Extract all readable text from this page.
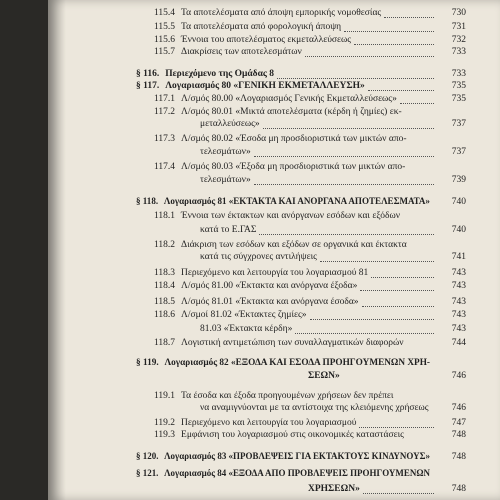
115.4 Τα αποτελέσματα από άποψη εμπορικής νομοθεσίας	730
115.5 Τα αποτελέσματα από φορολογική άποψη	731
115.6 Έννοια του αποτελέσματος εκμεταλλεύσεως	732
115.7 Διακρίσεις των αποτελεσμάτων	733
§ 116. Περιεχόμενο της Ομάδας 8	733
§ 117. Λογαριασμός 80 «ΓΕΝΙΚΗ ΕΚΜΕΤΑΛΛΕΥΣΗ»	735
117.1 Λ/σμός 80.00 «Λογαριασμός Γενικής Εκμεταλλεύσεως»	735
117.2 Λ/σμός 80.01 «Μικτά αποτελέσματα (κέρδη ή ζημίες) εκ-
μεταλλεύσεως»	737
117.3 Λ/σμός 80.02 «Έσοδα μη προσδιοριστικά των μικτών απο-
τελεσμάτων»	737
117.4 Λ/σμός 80.03 «Έξοδα μη προσδιοριστικά των μικτών απο-
τελεσμάτων»	739
§ 118. Λογαριασμός 81 «ΕΚΤΑΚΤΑ ΚΑΙ ΑΝΟΡΓΑΝΑ ΑΠΟΤΕΛΕΣΜΑΤΑ»	740
118.1 Έννοια των έκτακτων και ανόργανων εσόδων και εξόδων
κατά το Ε.ΓΑΣ	740
118.2 Διάκριση των εσόδων και εξόδων σε οργανικά και έκτακτα
κατά τις σύγχρονες αντιλήψεις	741
118.3 Περιεχόμενο και λειτουργία του λογαριασμού 81	743
118.4 Λ/σμός 81.00 «Έκτακτα και ανόργανα έξοδα»	743
118.5 Λ/σμός 81.01 «Έκτακτα και ανόργανα έσοδα»	743
118.6 Λ/σμοί 81.02 «Έκτακτες ζημίες»	743
81.03 «Έκτακτα κέρδη»	743
118.7 Λογιστική αντιμετώπιση των συναλλαγματικών διαφορών	744
§ 119. Λογαριασμός 82 «ΕΞΟΔΑ ΚΑΙ ΕΣΟΔΑ ΠΡΟΗΓΟΥΜΕΝΩΝ ΧΡΗ-
ΣΕΩΝ»	746
119.1 Τα έσοδα και έξοδα προηγουμένων χρήσεων δεν πρέπει
να αναμιγνύονται με τα αντίστοιχα της κλειόμενης χρήσεως	746
119.2 Περιεχόμενο και λειτουργία του λογαριασμού	747
119.3 Εμφάνιση του λογαριασμού στις οικονομικές καταστάσεις	748
§ 120. Λογαριασμός 83 «ΠΡΟΒΛΕΨΕΙΣ ΓΙΑ ΕΚΤΑΚΤΟΥΣ ΚΙΝΔΥΝΟΥΣ»	748
§ 121. Λογαριασμός 84 «ΕΞΟΔΑ ΑΠΟ ΠΡΟΒΛΕΨΕΙΣ ΠΡΟΗΓΟΥΜΕΝΩΝ
ΧΡΗΣΕΩΝ»	748
